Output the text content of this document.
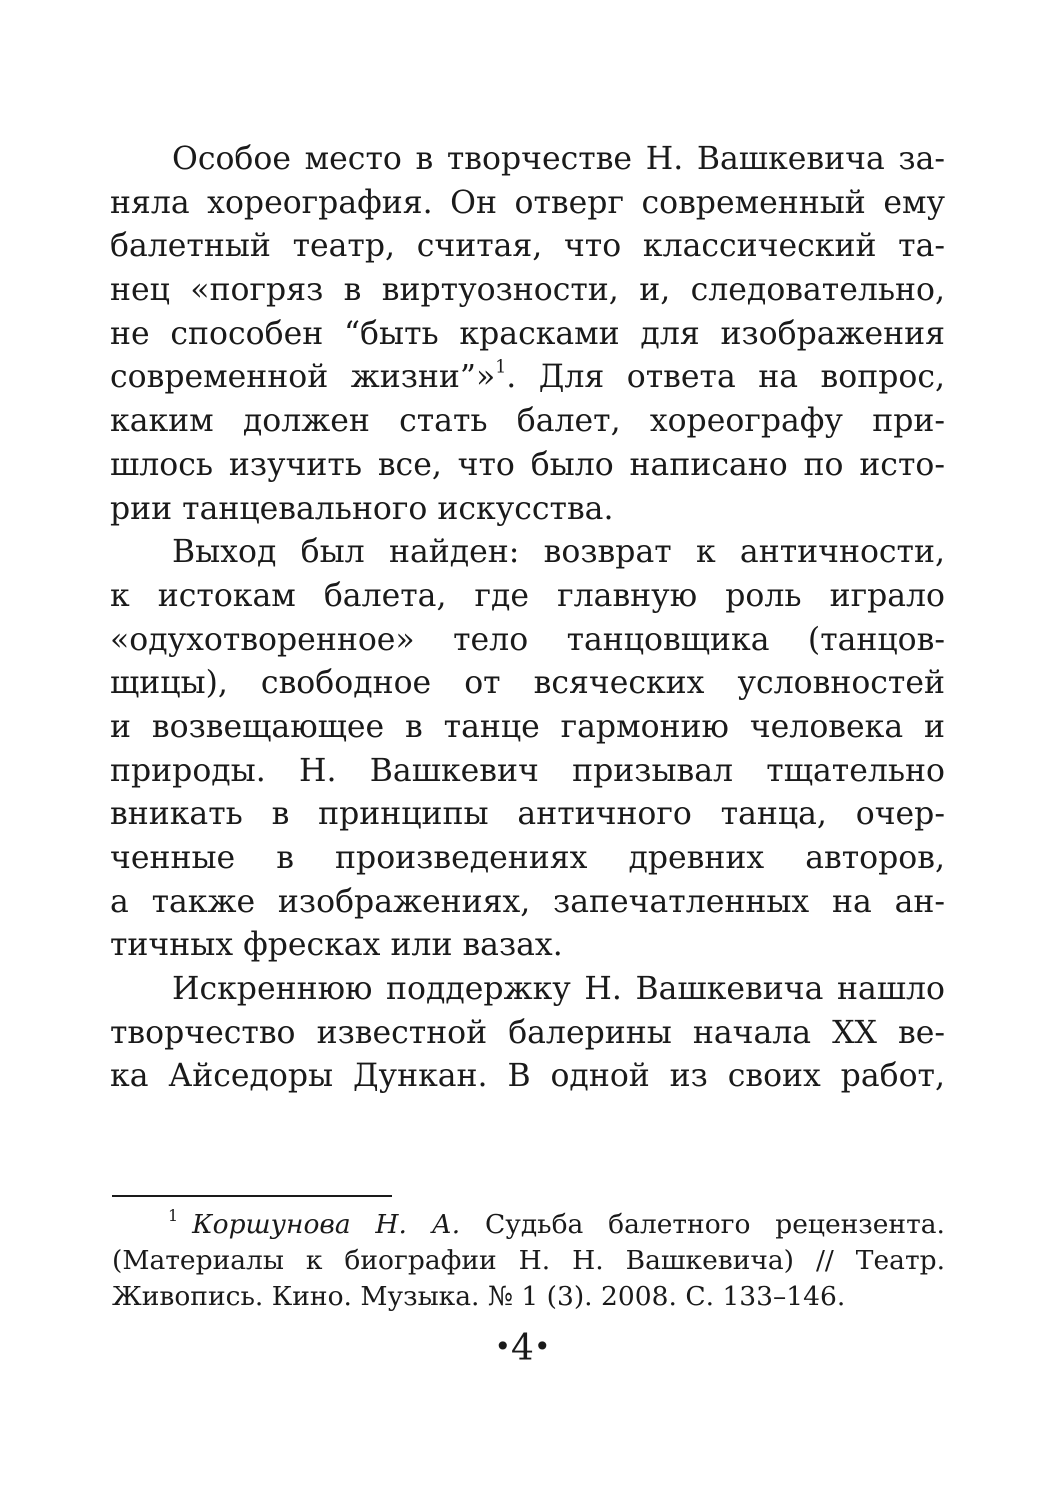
Особое место в творчестве Н. Вашкевича за-
няла хореография. Он отверг современный ему
балетный театр, считая, что классический та-
нец «погряз в виртуозности, и, следовательно,
не способен “быть красками для изображения
современной жизни”»$^1$. Для ответа на вопрос,
каким должен стать балет, хореографу при-
шлось изучить все, что было написано по исто-
рии танцевального искусства.
Выход был найден: возврат к античности,
к истокам балета, где главную роль играло
«одухотворенное» тело танцовщика (танцов-
щицы), свободное от всяческих условностей
и возвещающее в танце гармонию человека и
природы. Н. Вашкевич призывал тщательно
вникать в принципы античного танца, очер-
ченные в произведениях древних авторов,
а также изображениях, запечатленных на ан-
тичных фресках или вазах.
Искреннюю поддержку Н. Вашкевича нашло
творчество известной балерины начала XX ве-
ка Айседоры Дункан. В одной из своих работ,
$^1$ Коршунова Н. А. Судьба балетного рецензента.
(Материалы к биографии Н. Н. Вашкевича) // Театр.
Живопись. Кино. Музыка. № 1 (3). 2008. С. 133–146.
•4•
